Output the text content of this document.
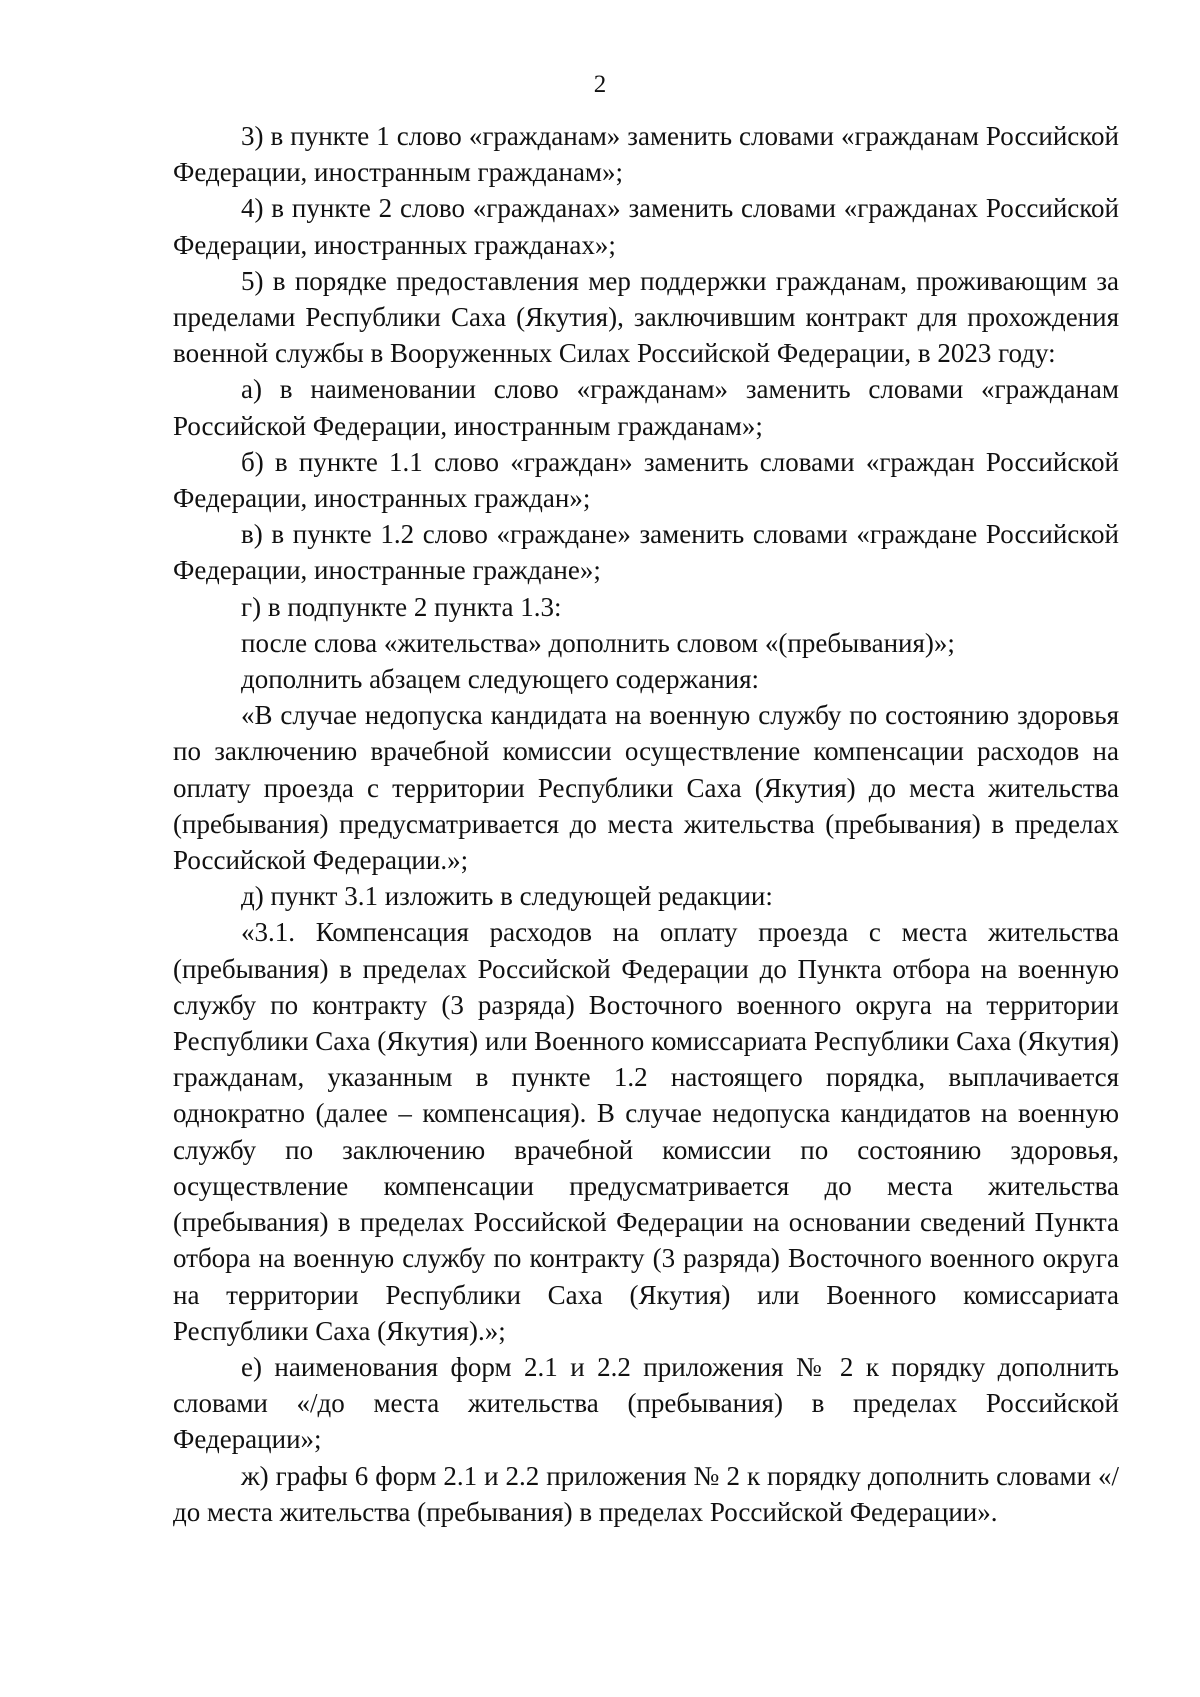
2

3) в пункте 1 слово «гражданам» заменить словами «гражданам Российской Федерации, иностранным гражданам»;

4) в пункте 2 слово «гражданах» заменить словами «гражданах Российской Федерации, иностранных гражданах»;

5) в порядке предоставления мер поддержки гражданам, проживающим за пределами Республики Саха (Якутия), заключившим контракт для прохождения военной службы в Вооруженных Силах Российской Федерации, в 2023 году:

а) в наименовании слово «гражданам» заменить словами «гражданам Российской Федерации, иностранным гражданам»;

б) в пункте 1.1 слово «граждан» заменить словами «граждан Российской Федерации, иностранных граждан»;

в) в пункте 1.2 слово «граждане» заменить словами «граждане Российской Федерации, иностранные граждане»;

г) в подпункте 2 пункта 1.3:

после слова «жительства» дополнить словом «(пребывания)»;

дополнить абзацем следующего содержания:

«В случае недопуска кандидата на военную службу по состоянию здоровья по заключению врачебной комиссии осуществление компенсации расходов на оплату проезда с территории Республики Саха (Якутия) до места жительства (пребывания) предусматривается до места жительства (пребывания) в пределах Российской Федерации.»;

д) пункт 3.1 изложить в следующей редакции:

«3.1. Компенсация расходов на оплату проезда с места жительства (пребывания) в пределах Российской Федерации до Пункта отбора на военную службу по контракту (3 разряда) Восточного военного округа на территории Республики Саха (Якутия) или Военного комиссариата Республики Саха (Якутия) гражданам, указанным в пункте 1.2 настоящего порядка, выплачивается однократно (далее – компенсация). В случае недопуска кандидатов на военную службу по заключению врачебной комиссии по состоянию здоровья, осуществление компенсации предусматривается до места жительства (пребывания) в пределах Российской Федерации на основании сведений Пункта отбора на военную службу по контракту (3 разряда) Восточного военного округа на территории Республики Саха (Якутия) или Военного комиссариата Республики Саха (Якутия).»;

е) наименования форм 2.1 и 2.2 приложения № 2 к порядку дополнить словами «/до места жительства (пребывания) в пределах Российской Федерации»;

ж) графы 6 форм 2.1 и 2.2 приложения № 2 к порядку дополнить словами «/до места жительства (пребывания) в пределах Российской Федерации».
